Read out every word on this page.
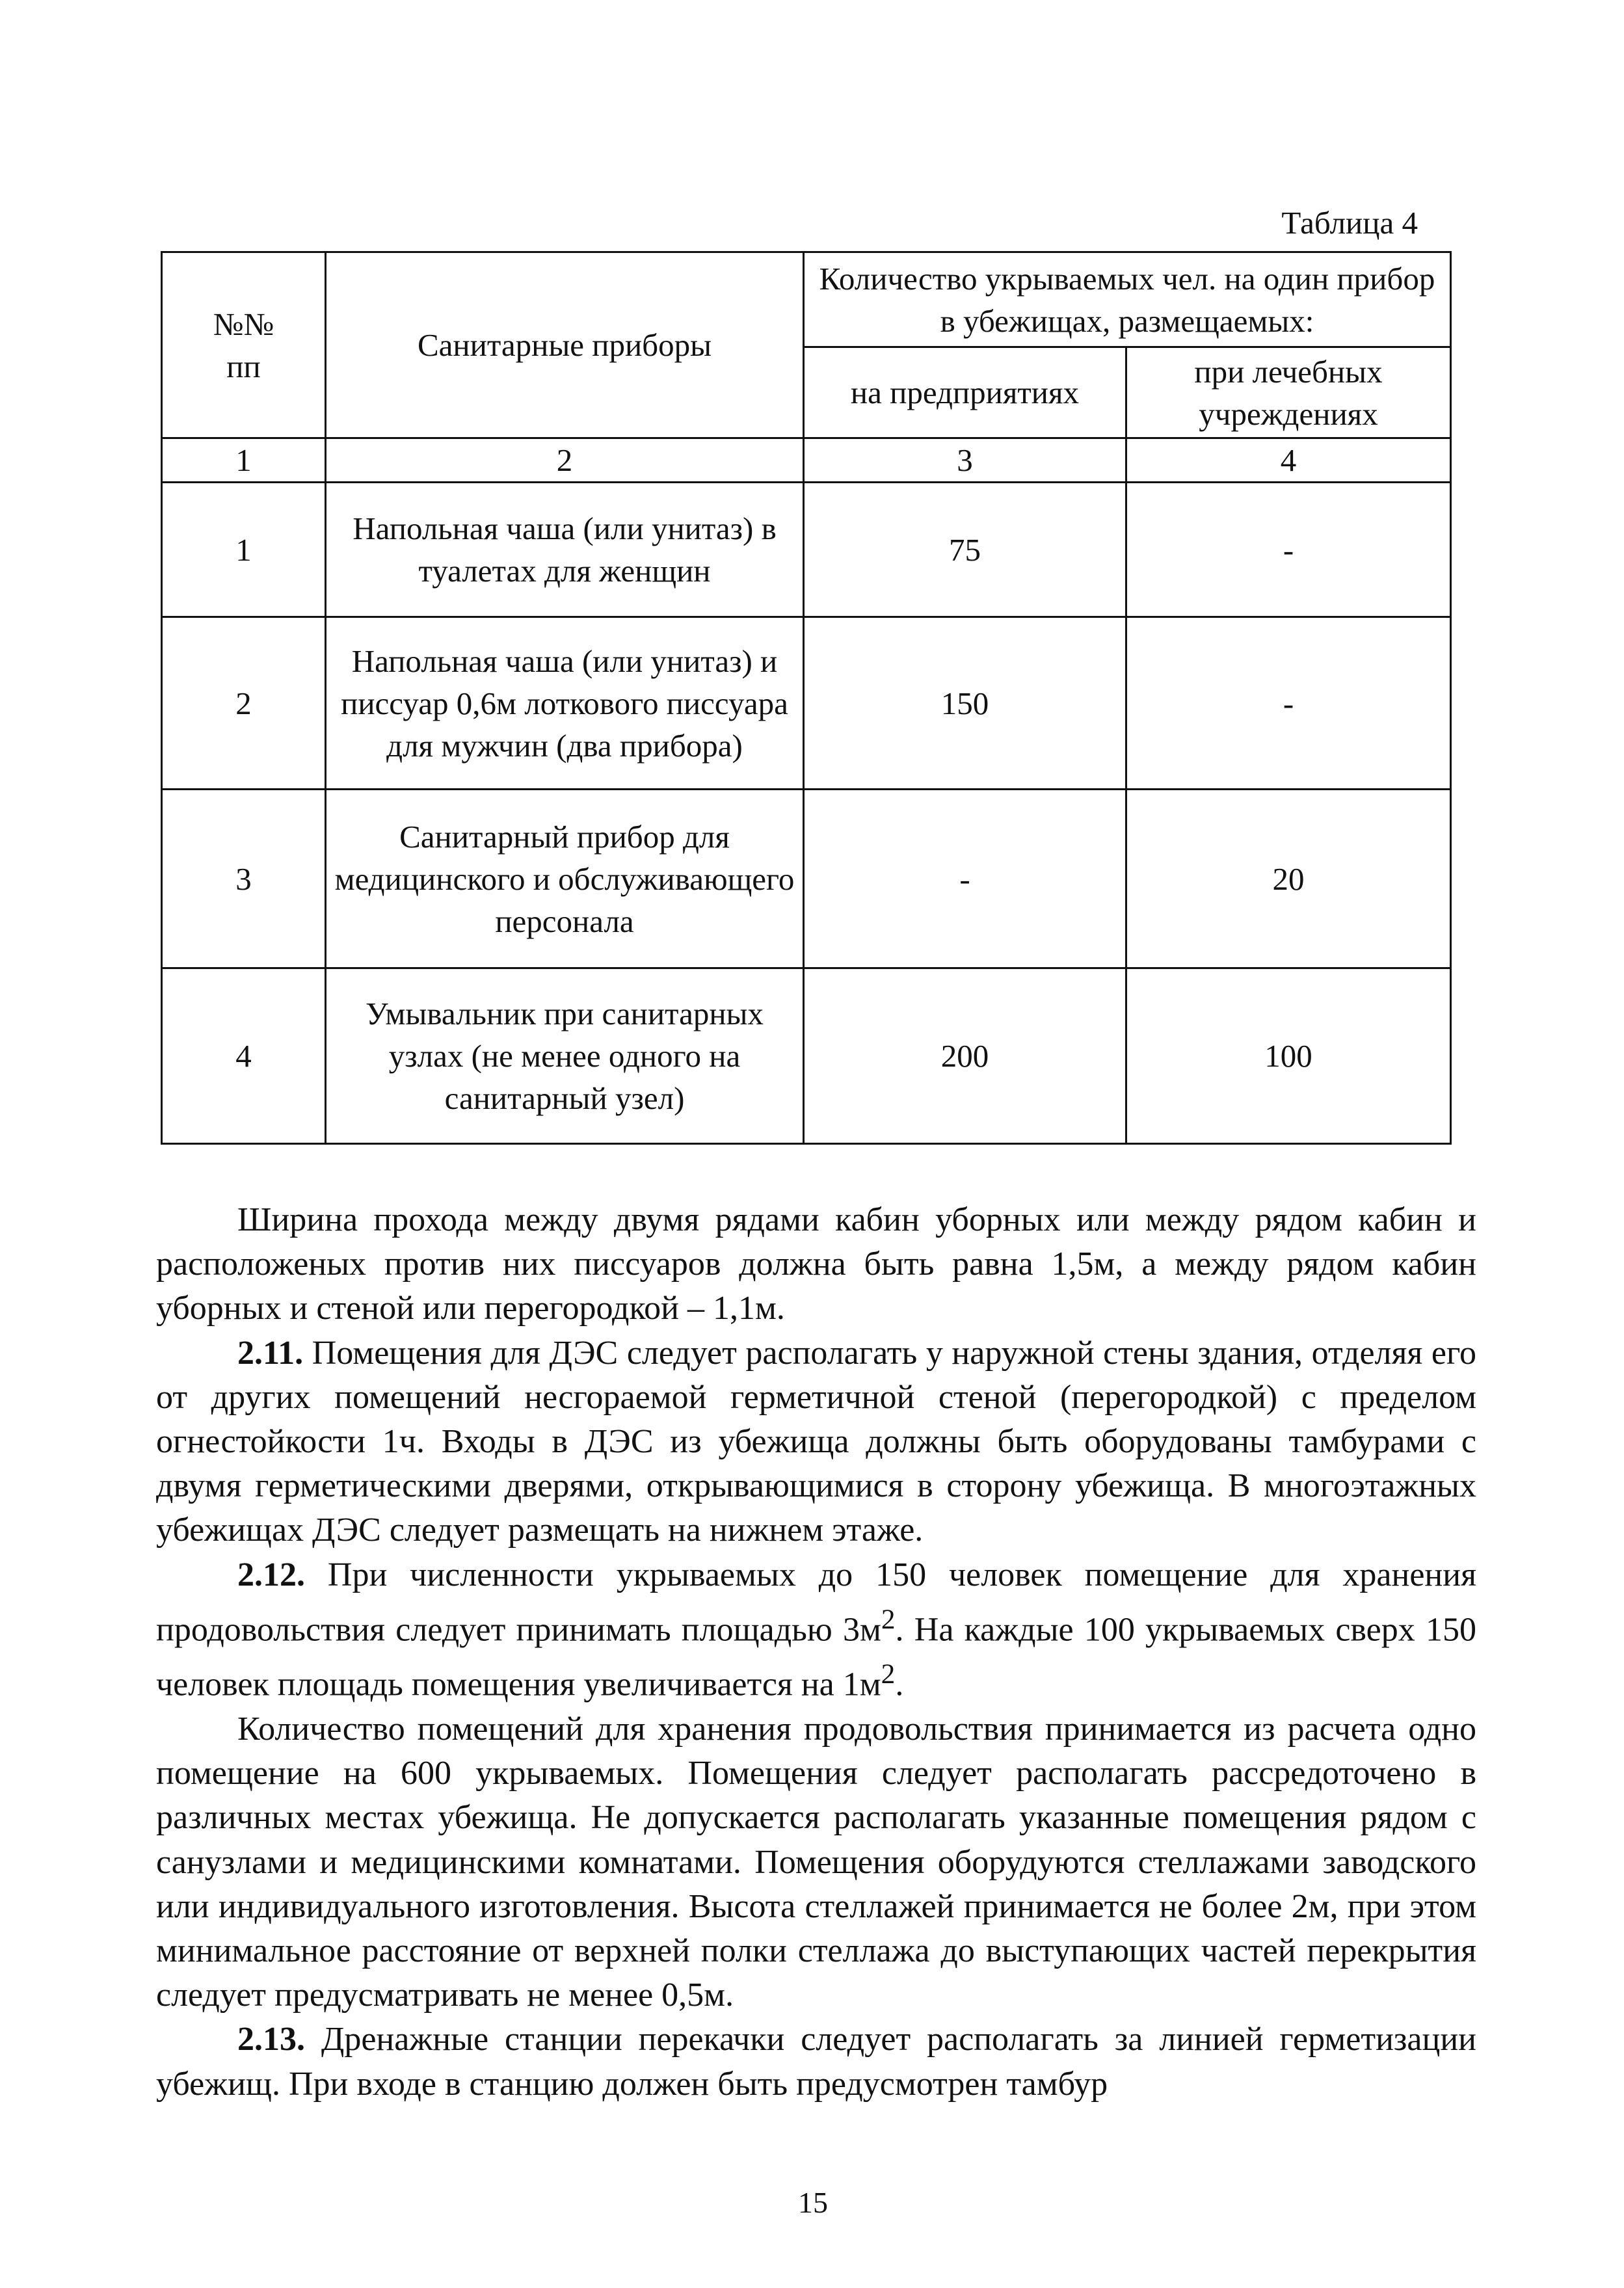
Таблица 4
№№
пп	Санитарные приборы	Количество укрываемых чел. на один прибор в убежищах, размещаемых:	
		на предприятиях	при лечебных учреждениях
1	2	3	4
1	Напольная чаша (или унитаз) в туалетах для женщин	75	-
2	Напольная чаша (или унитаз) и писсуар 0,6м лоткового писсуара для мужчин (два прибора)	150	-
3	Санитарный прибор для медицинского и обслуживающего персонала	-	20
4	Умывальник при санитарных узлах (не менее одного на санитарный узел)	200	100

Ширина прохода между двумя рядами кабин уборных или между рядом кабин и расположеных против них писсуаров должна быть равна 1,5м, а между рядом кабин уборных и стеной или перегородкой – 1,1м.

2.11. Помещения для ДЭС следует располагать у наружной стены здания, отделяя его от других помещений несгораемой герметичной стеной (перегородкой) с пределом огнестойкости 1ч. Входы в ДЭС из убежища должны быть оборудованы тамбурами с двумя герметическими дверями, открывающимися в сторону убежища. В многоэтажных убежищах ДЭС следует размещать на нижнем этаже.

2.12. При численности укрываемых до 150 человек помещение для хранения продовольствия следует принимать площадью $3м^2$. На каждые 100 укрываемых сверх 150 человек площадь помещения увеличивается на $1м^2$.

Количество помещений для хранения продовольствия принимается из расчета одно помещение на 600 укрываемых. Помещения следует располагать рассредоточено в различных местах убежища. Не допускается располагать указанные помещения рядом с санузлами и медицинскими комнатами. Помещения оборудуются стеллажами заводского или индивидуального изготовления. Высота стеллажей принимается не более 2м, при этом минимальное расстояние от верхней полки стеллажа до выступающих частей перекрытия следует предусматривать не менее 0,5м.

2.13. Дренажные станции перекачки следует располагать за линией герметизации убежищ. При входе в станцию должен быть предусмотрен тамбур

15
